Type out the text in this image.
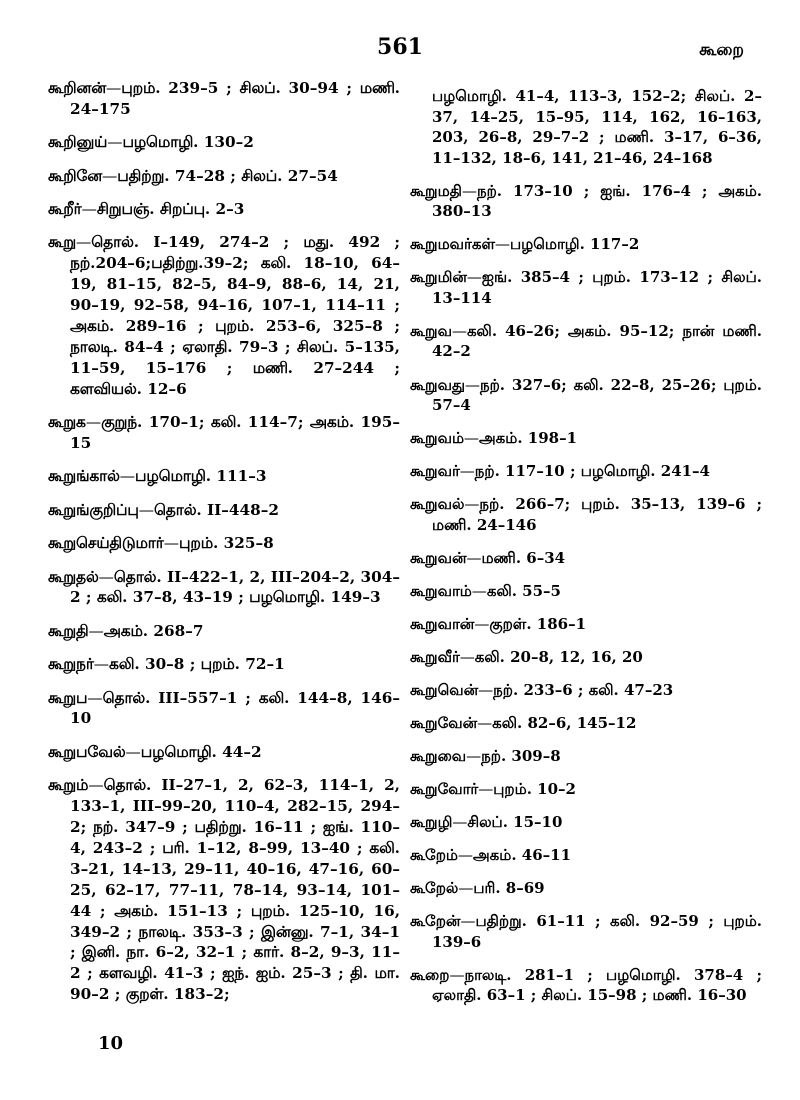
561	கூறை
கூறினன்—புறம். 239–5 ; சிலப். 30–94 ; மணி. 24–175
கூறினுய்—பழமொழி. 130–2
கூறினே—பதிற்று. 74–28 ; சிலப். 27–54
கூறீர்—சிறுபஞ். சிறப்பு. 2–3
கூறு—தொல். I–149, 274–2 ; மது. 492 ; நற்.204–6;பதிற்று.39–2; கலி. 18–10, 64–19, 81–15, 82–5, 84–9, 88–6, 14, 21, 90–19, 92–58, 94–16, 107–1, 114–11 ; அகம். 289–16 ; புறம். 253–6, 325–8 ; நாலடி. 84–4 ; ஏலாதி. 79–3 ; சிலப். 5–135, 11–59, 15–176 ; மணி. 27–244 ; களவியல். 12–6
கூறுக—குறுந். 170–1; கலி. 114–7; அகம். 195–15
கூறுங்கால்—பழமொழி. 111–3
கூறுங்குறிப்பு—தொல். II–448–2
கூறுசெய்திடுமார்—புறம். 325–8
கூறுதல்—தொல். II–422–1, 2, III–204–2, 304–2 ; கலி. 37–8, 43–19 ; பழமொழி. 149–3
கூறுதி—அகம். 268–7
கூறுநர்—கலி. 30–8 ; புறம். 72–1
கூறுப—தொல். III–557–1 ; கலி. 144–8, 146–10
கூறுபவேல்—பழமொழி. 44–2
கூறும்—தொல். II–27–1, 2, 62–3, 114–1, 2, 133–1, III–99–20, 110–4, 282–15, 294–2; நற். 347–9 ; பதிற்று. 16–11 ; ஐங். 110–4, 243–2 ; பரி. 1–12, 8–99, 13–40 ; கலி. 3–21, 14–13, 29–11, 40–16, 47–16, 60–25, 62–17, 77–11, 78–14, 93–14, 101–44 ; அகம். 151–13 ; புறம். 125–10, 16, 349–2 ; நாலடி. 353–3 ; இன்னு. 7–1, 34–1 ; இனி. நா. 6–2, 32–1 ; கார். 8–2, 9–3, 11–2 ; களவழி. 41–3 ; ஐந். ஐம். 25–3 ; தி. மா. 90–2 ; குறள். 183–2;
பழமொழி. 41–4, 113–3, 152–2; சிலப். 2–37, 14–25, 15–95, 114, 162, 16–163, 203, 26–8, 29–7–2 ; மணி. 3–17, 6–36, 11–132, 18–6, 141, 21–46, 24–168
கூறுமதி—நற். 173–10 ; ஐங். 176–4 ; அகம். 380–13
கூறுமவர்கள்—பழமொழி. 117–2
கூறுமின்—ஐங். 385–4 ; புறம். 173–12 ; சிலப். 13–114
கூறுவ—கலி. 46–26; அகம். 95–12; நான் மணி. 42–2
கூறுவது—நற். 327–6; கலி. 22–8, 25–26; புறம். 57–4
கூறுவம்—அகம். 198–1
கூறுவர்—நற். 117–10 ; பழமொழி. 241–4
கூறுவல்—நற். 266–7; புறம். 35–13, 139–6 ; மணி. 24–146
கூறுவன்—மணி. 6–34
கூறுவாம்—கலி. 55–5
கூறுவான்—குறள். 186–1
கூறுவீர்—கலி. 20–8, 12, 16, 20
கூறுவென்—நற். 233–6 ; கலி. 47–23
கூறுவேன்—கலி. 82–6, 145–12
கூறுவை—நற். 309–8
கூறுவோர்—புறம். 10–2
கூறுழி—சிலப். 15–10
கூறேம்—அகம். 46–11
கூறேல்—பரி. 8–69
கூறேன்—பதிற்று. 61–11 ; கலி. 92–59 ; புறம். 139–6
கூறை—நாலடி. 281–1 ; பழமொழி. 378–4 ; ஏலாதி. 63–1 ; சிலப். 15–98 ; மணி. 16–30
10
